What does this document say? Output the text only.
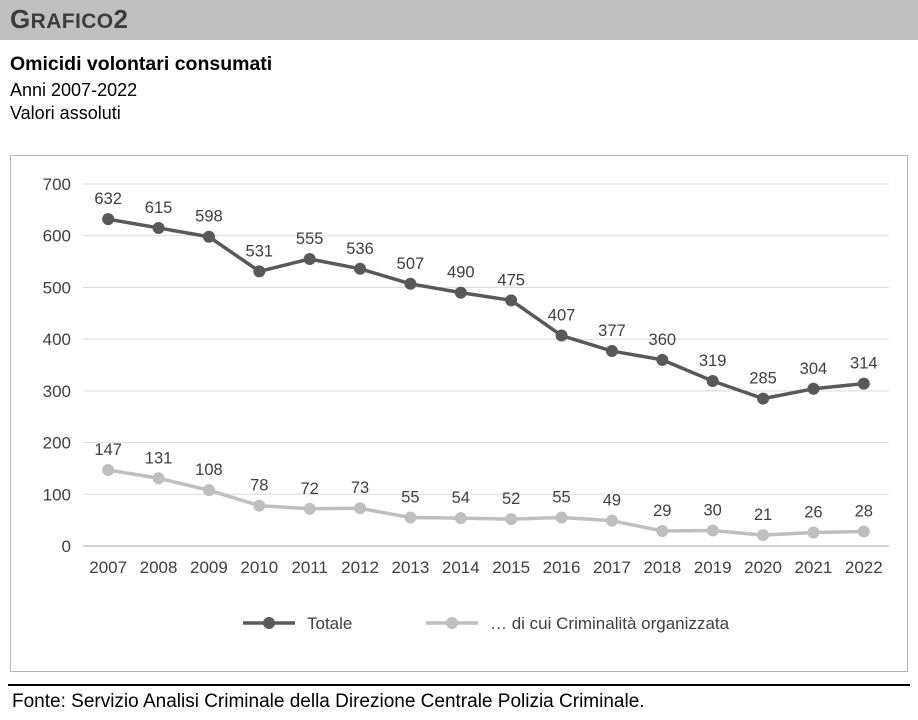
G RAFICO 2
Omicidi volontari consumati
Anni 2007-2022
Valori assoluti
0
100
200
300
400
500
600
700
2007 2008 2009 2010 2011 2012 2013 2014 2015 2016 2017 2018 2019 2020 2021 2022
147 131
108
78 72 73
55 54 52 55 49
29 30 21 26 28
632 615 598
531
555
536
507 490 475
407
377 360
319
285
304 314
Totale	… di cui Criminalità organizzata
Fonte: Servizio Analisi Criminale della Direzione Centrale Polizia Criminale.
